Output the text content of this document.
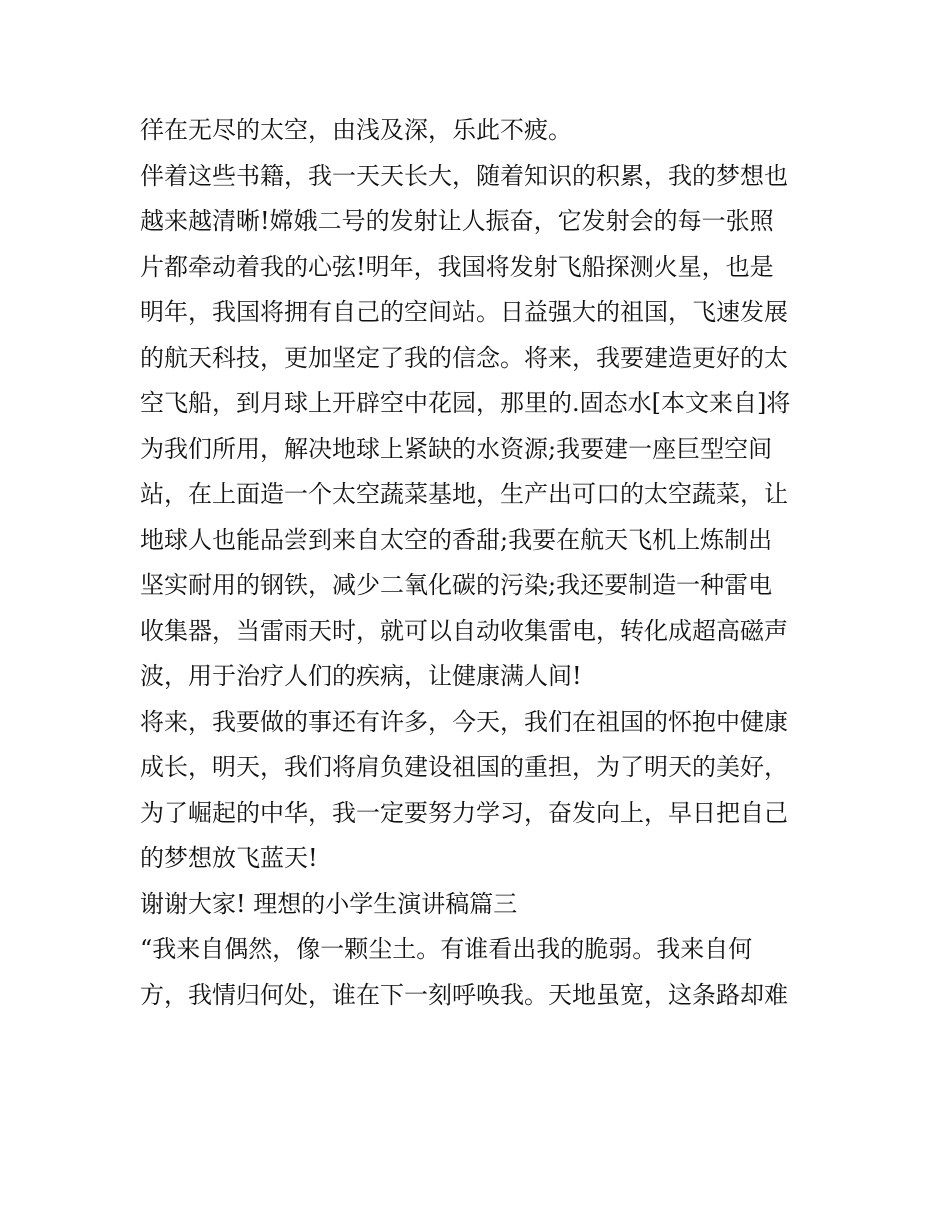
徉在无尽的太空，由浅及深，乐此不疲。
伴着这些书籍，我一天天长大，随着知识的积累，我的梦想也
越来越清晰!嫦娥二号的发射让人振奋，它发射会的每一张照
片都牵动着我的心弦!明年，我国将发射飞船探测火星，也是
明年，我国将拥有自己的空间站。日益强大的祖国，飞速发展
的航天科技，更加坚定了我的信念。将来，我要建造更好的太
空飞船，到月球上开辟空中花园，那里的.固态水[本文来自]将
为我们所用，解决地球上紧缺的水资源;我要建一座巨型空间
站，在上面造一个太空蔬菜基地，生产出可口的太空蔬菜，让
地球人也能品尝到来自太空的香甜;我要在航天飞机上炼制出
坚实耐用的钢铁，减少二氧化碳的污染;我还要制造一种雷电
收集器，当雷雨天时，就可以自动收集雷电，转化成超高磁声
波，用于治疗人们的疾病，让健康满人间!
将来，我要做的事还有许多，今天，我们在祖国的怀抱中健康
成长，明天，我们将肩负建设祖国的重担，为了明天的美好，
为了崛起的中华，我一定要努力学习，奋发向上，早日把自己
的梦想放飞蓝天!
谢谢大家! 理想的小学生演讲稿篇三
“我来自偶然，像一颗尘土。有谁看出我的脆弱。我来自何
方，我情归何处，谁在下一刻呼唤我。天地虽宽，这条路却难
